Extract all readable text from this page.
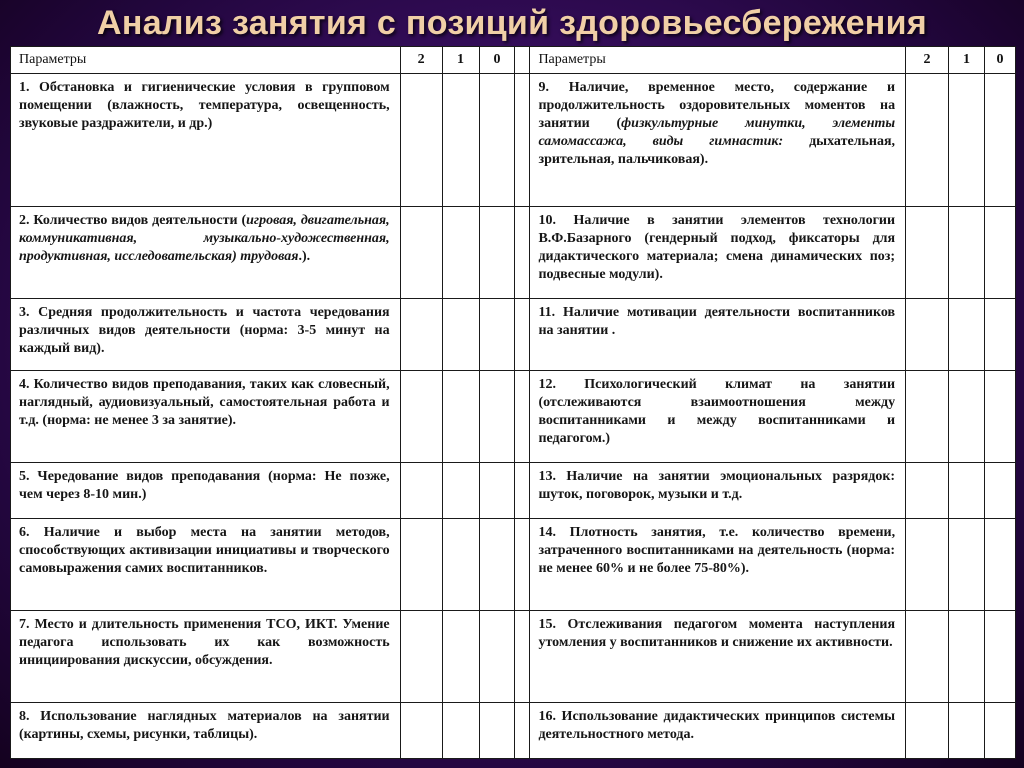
Анализ занятия с позиций здоровьесбережения
Параметры	2	1	0		Параметры	2	1	0
1. Обстановка и гигиенические условия в групповом помещении (влажность, температура, освещенность, звуковые раздражители, и др.)					9. Наличие, временное место, содержание и продолжительность оздоровительных моментов на занятии (физкультурные минутки, элементы самомассажа, виды гимнастик: дыхательная, зрительная, пальчиковая).			
2. Количество видов деятельности (игровая, двигательная, коммуникативная, музыкально-художественная, продуктивная, исследовательская) трудовая.).					10. Наличие в занятии элементов технологии В.Ф.Базарного (гендерный подход, фиксаторы для дидактического материала; смена динамических поз; подвесные модули).			
3. Средняя продолжительность и частота чередования различных видов деятельности (норма: 3-5 минут на каждый вид).					11. Наличие мотивации деятельности воспитанников на занятии .			
4. Количество видов преподавания, таких как словесный, наглядный, аудиовизуальный, самостоятельная работа и т.д. (норма: не менее 3 за занятие).					12. Психологический климат на занятии (отслеживаются взаимоотношения между воспитанниками и между воспитанниками и педагогом.)			
5. Чередование видов преподавания (норма: Не позже, чем через 8-10 мин.)					13. Наличие на занятии эмоциональных разрядок: шуток, поговорок, музыки и т.д.			
6. Наличие и выбор места на занятии методов, способствующих активизации инициативы и творческого самовыражения самих воспитанников.					14. Плотность занятия, т.е. количество времени, затраченного воспитанниками на деятельность (норма: не менее 60% и не более 75-80%).			
7. Место и длительность применения ТСО, ИКТ. Умение педагога использовать их как возможность инициирования дискуссии, обсуждения.					15. Отслеживания педагогом момента наступления утомления у воспитанников и снижение их активности.			
8. Использование наглядных материалов на занятии (картины, схемы, рисунки, таблицы).					16. Использование дидактических принципов системы деятельностного метода.			
